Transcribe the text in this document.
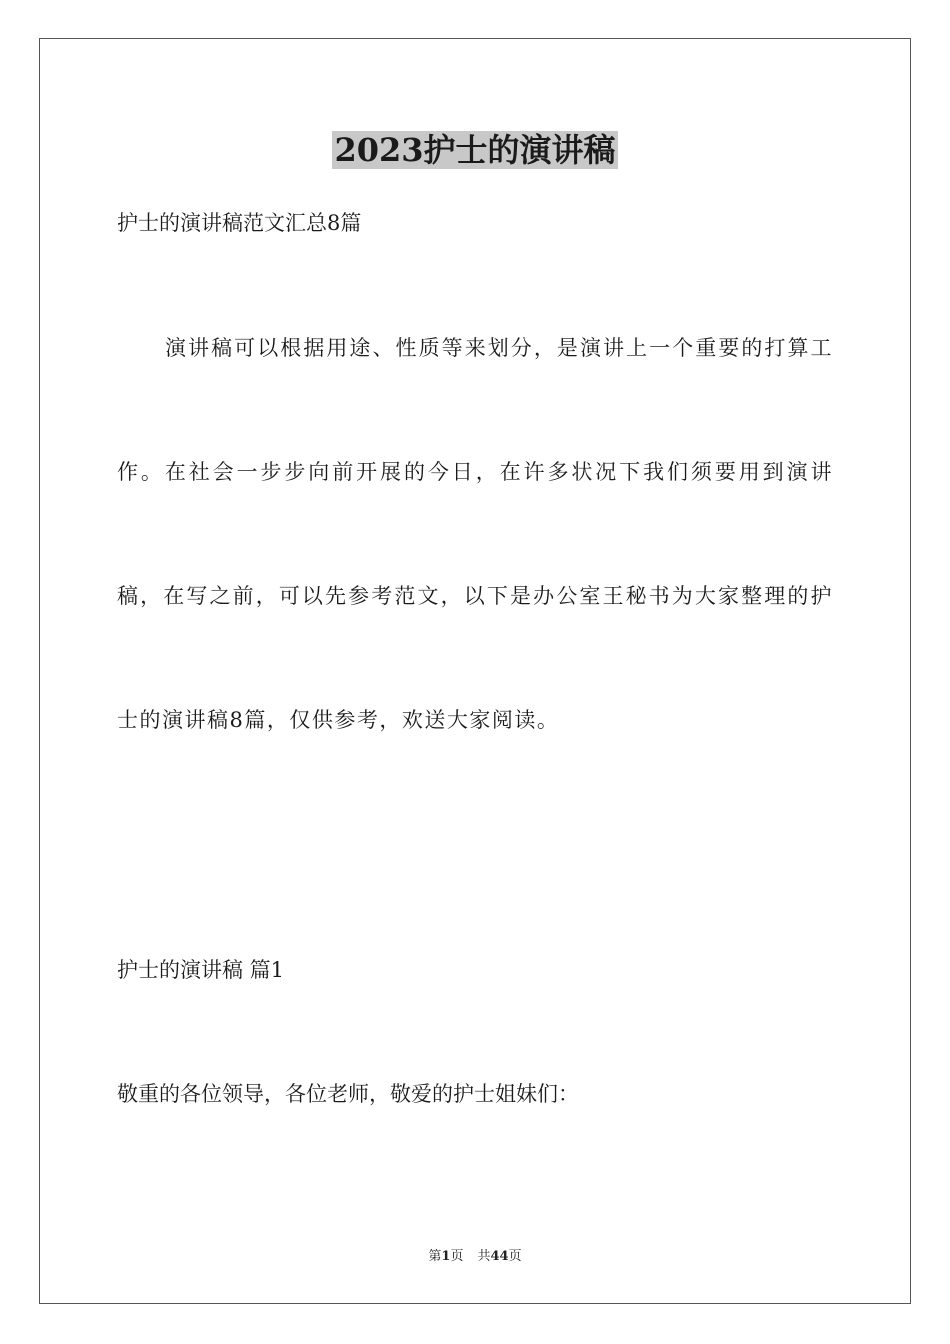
2023护士的演讲稿

护士的演讲稿范文汇总8篇

演讲稿可以根据用途、性质等来划分，是演讲上一个重要的打算工作。在社会一步步向前开展的今日，在许多状况下我们须要用到演讲稿，在写之前，可以先参考范文，以下是办公室王秘书为大家整理的护士的演讲稿8篇，仅供参考，欢送大家阅读。

护士的演讲稿 篇1

敬重的各位领导，各位老师，敬爱的护士姐妹们：

第1页 共44页
